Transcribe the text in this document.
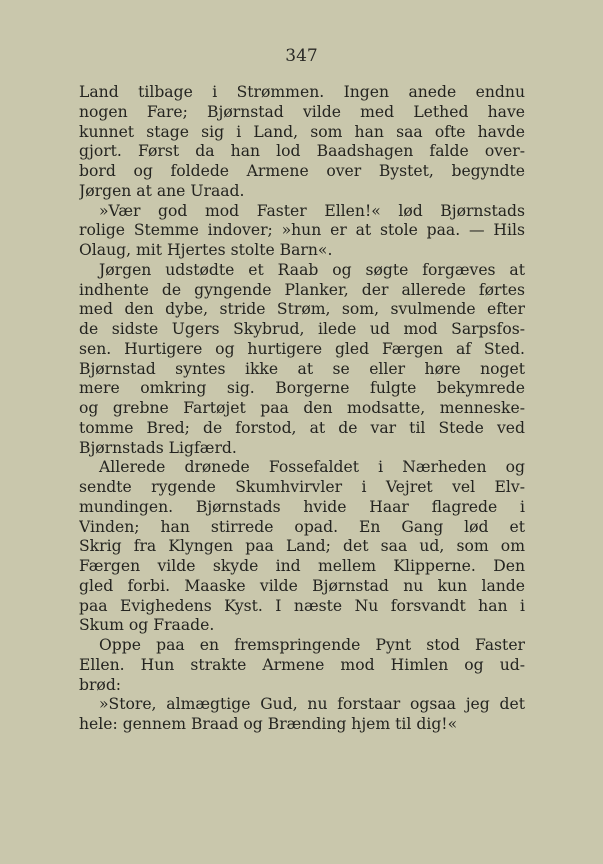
347
Land tilbage i Strømmen. Ingen anede endnu
nogen Fare; Bjørnstad vilde med Lethed have
kunnet stage sig i Land, som han saa ofte havde
gjort. Først da han lod Baadshagen falde over-
bord og foldede Armene over Bystet, begyndte
Jørgen at ane Uraad.
»Vær god mod Faster Ellen!« lød Bjørnstads
rolige Stemme indover; »hun er at stole paa. — Hils
Olaug, mit Hjertes stolte Barn«.
Jørgen udstødte et Raab og søgte forgæves at
indhente de gyngende Planker, der allerede førtes
med den dybe, stride Strøm, som, svulmende efter
de sidste Ugers Skybrud, ilede ud mod Sarpsfos-
sen. Hurtigere og hurtigere gled Færgen af Sted.
Bjørnstad syntes ikke at se eller høre noget
mere omkring sig. Borgerne fulgte bekymrede
og grebne Fartøjet paa den modsatte, menneske-
tomme Bred; de forstod, at de var til Stede ved
Bjørnstads Ligfærd.
Allerede drønede Fossefaldet i Nærheden og
sendte rygende Skumhvirvler i Vejret vel Elv-
mundingen. Bjørnstads hvide Haar flagrede i
Vinden; han stirrede opad. En Gang lød et
Skrig fra Klyngen paa Land; det saa ud, som om
Færgen vilde skyde ind mellem Klipperne. Den
gled forbi. Maaske vilde Bjørnstad nu kun lande
paa Evighedens Kyst. I næste Nu forsvandt han i
Skum og Fraade.
Oppe paa en fremspringende Pynt stod Faster
Ellen. Hun strakte Armene mod Himlen og ud-
brød:
»Store, almægtige Gud, nu forstaar ogsaa jeg det
hele: gennem Braad og Brænding hjem til dig!«
